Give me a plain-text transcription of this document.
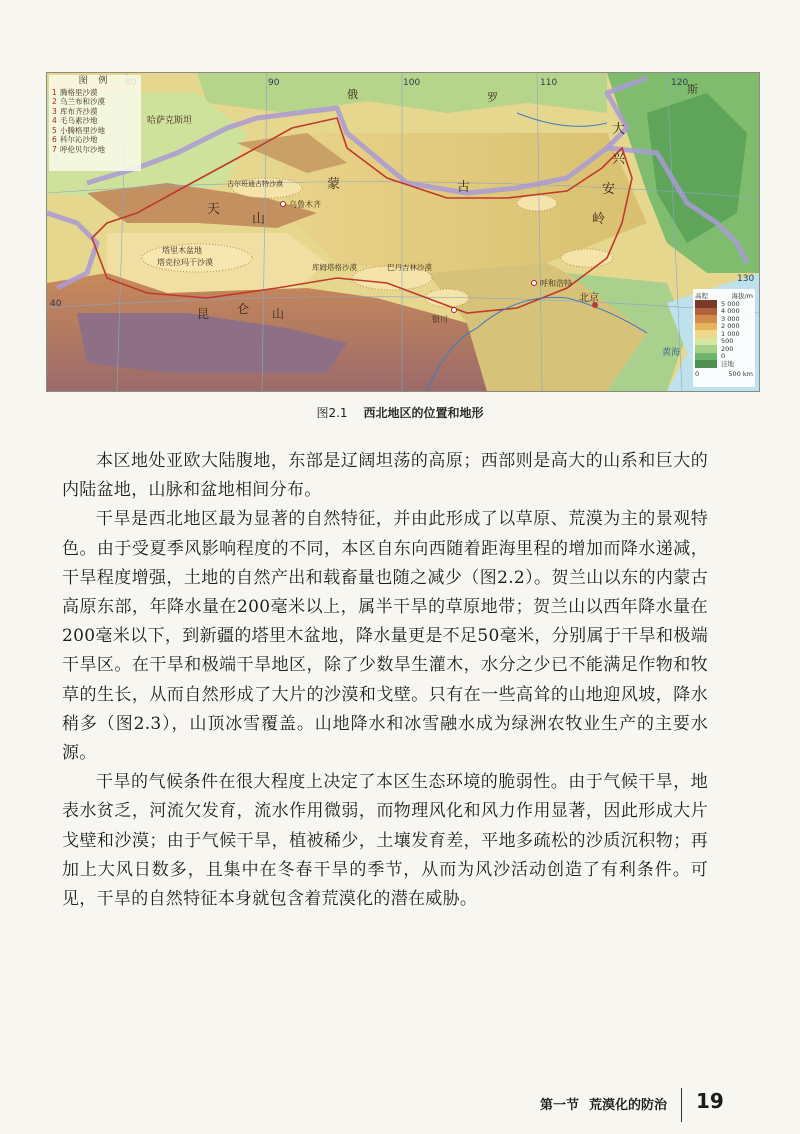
哈萨克斯坦
俄	罗
斯
蒙	古
天
山
乌鲁木齐
古尔班通古特沙漠
塔里木盆地
塔克拉玛干沙漠
巴丹吉林沙漠
库姆塔格沙漠
呼和浩特
北京
银川
大
兴
安
岭
昆 仑 山
黄海
90	100	110	120
130
40
图 例
1 腾格里沙漠
2 乌兰布和沙漠
3 库布齐沙漠
4 毛乌素沙地
5 小腾格里沙地
6 科尔沁沙地
7 呼伦贝尔沙地
高程	海拔/m
5 000
4 000
3 000
2 000
1 000
500
200
0
洼地
0	500 km
图2.1 西北地区的位置和地形

本区地处亚欧大陆腹地，东部是辽阔坦荡的高原；西部则是高大的山系和巨大的内陆盆地，山脉和盆地相间分布。

干旱是西北地区最为显著的自然特征，并由此形成了以草原、荒漠为主的景观特色。由于受夏季风影响程度的不同，本区自东向西随着距海里程的增加而降水递减，干旱程度增强，土地的自然产出和载畜量也随之减少（图2.2）。贺兰山以东的内蒙古高原东部，年降水量在200毫米以上，属半干旱的草原地带；贺兰山以西年降水量在200毫米以下，到新疆的塔里木盆地，降水量更是不足50毫米，分别属于干旱和极端干旱区。在干旱和极端干旱地区，除了少数旱生灌木，水分之少已不能满足作物和牧草的生长，从而自然形成了大片的沙漠和戈壁。只有在一些高耸的山地迎风坡，降水稍多（图2.3），山顶冰雪覆盖。山地降水和冰雪融水成为绿洲农牧业生产的主要水源。

干旱的气候条件在很大程度上决定了本区生态环境的脆弱性。由于气候干旱，地表水贫乏，河流欠发育，流水作用微弱，而物理风化和风力作用显著，因此形成大片戈壁和沙漠；由于气候干旱，植被稀少，土壤发育差，平地多疏松的沙质沉积物；再加上大风日数多，且集中在冬春干旱的季节，从而为风沙活动创造了有利条件。可见，干旱的自然特征本身就包含着荒漠化的潜在威胁。

第一节 荒漠化的防治 19
